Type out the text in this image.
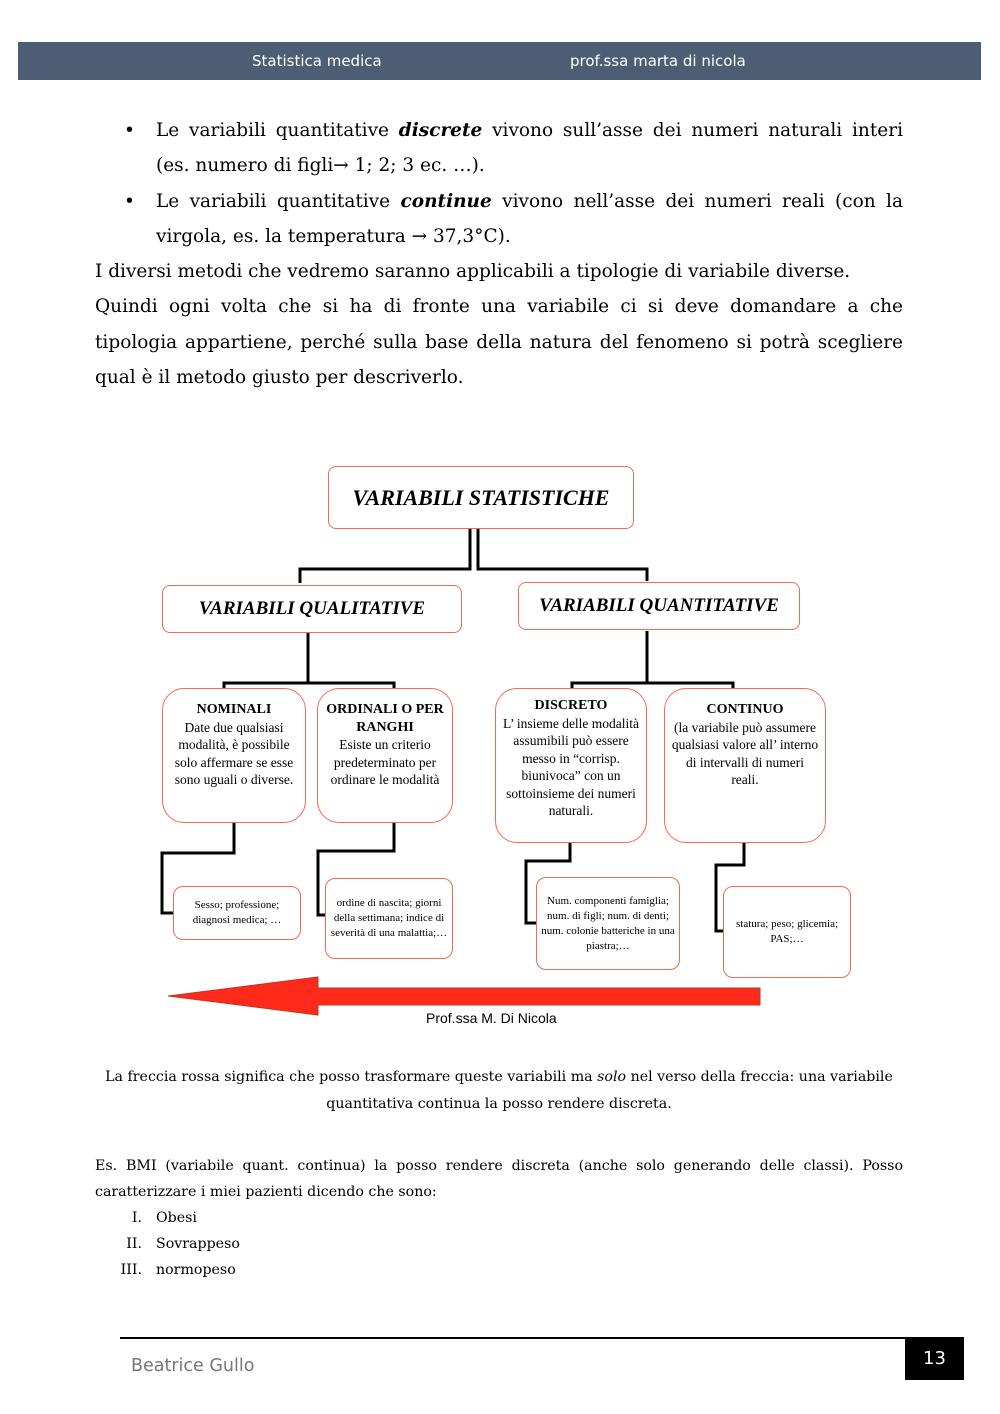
Statistica medica	prof.ssa marta di nicola
• Le variabili quantitative discrete vivono sull’asse dei numeri naturali interi (es. numero di figli→ 1; 2; 3 ec. …).
• Le variabili quantitative continue vivono nell’asse dei numeri reali (con la virgola, es. la temperatura → 37,3°C).

I diversi metodi che vedremo saranno applicabili a tipologie di variabile diverse.

Quindi ogni volta che si ha di fronte una variabile ci si deve domandare a che tipologia appartiene, perché sulla base della natura del fenomeno si potrà scegliere qual è il metodo giusto per descriverlo.

VARIABILI STATISTICHE
VARIABILI QUALITATIVE	VARIABILI QUANTITATIVE
NOMINALI
Date due qualsiasi modalità, è possibile solo affermare se esse sono uguali o diverse.
ORDINALI O PER RANGHI
Esiste un criterio predeterminato per ordinare le modalità
DISCRETO
L’ insieme delle modalità assumibili può essere messo in “corrisp. biunivoca” con un sottoinsieme dei numeri naturali.
CONTINUO
(la variabile può assumere qualsiasi valore all’ interno di intervalli di numeri reali.
Sesso; professione; diagnosi medica; …
ordine di nascita; giorni della settimana; indice di severità di una malattia;…
Num. componenti famiglia; num. di figli; num. di denti; num. colonie batteriche in una piastra;…
statura; peso; glicemia; PAS;…
Prof.ssa M. Di Nicola
La freccia rossa significa che posso trasformare queste variabili ma solo nel verso della freccia: una variabile quantitativa continua la posso rendere discreta.
Es. BMI (variabile quant. continua) la posso rendere discreta (anche solo generando delle classi). Posso caratterizzare i miei pazienti dicendo che sono:
I. Obesi
II. Sovrappeso
III. normopeso
Beatrice Gullo	13
